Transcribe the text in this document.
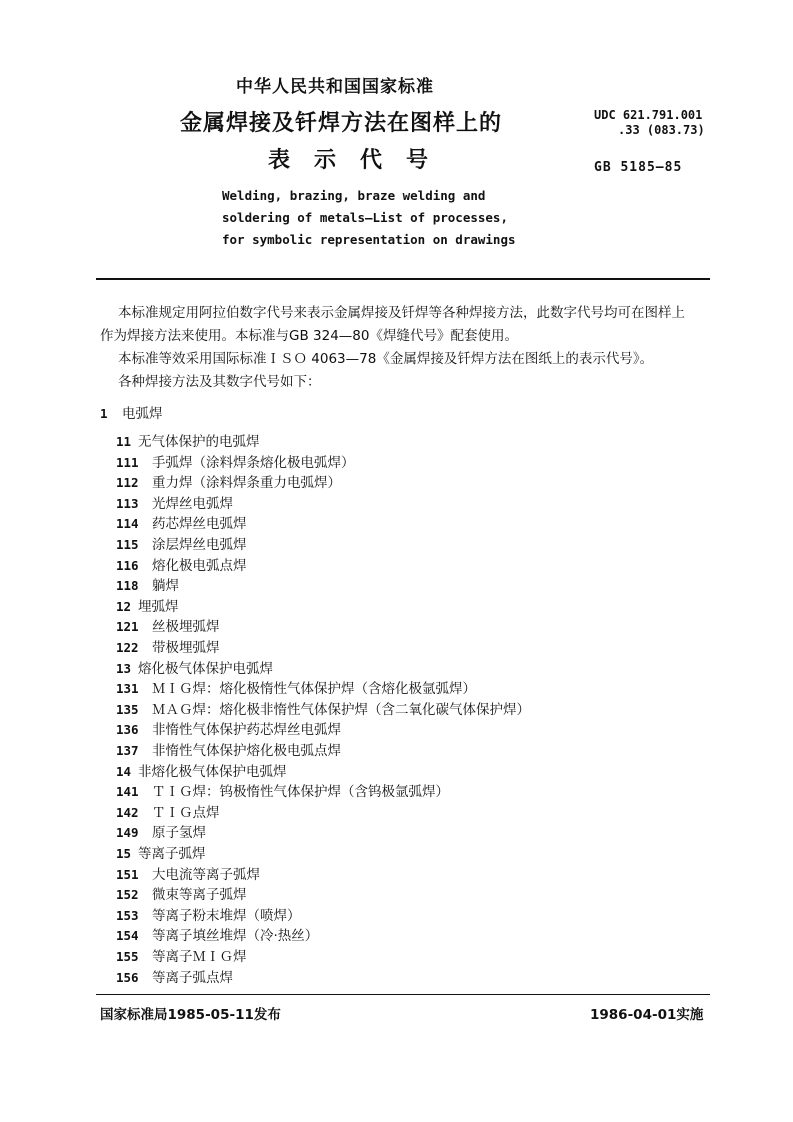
中华人民共和国国家标准
金属焊接及钎焊方法在图样上的
表示代号
UDC 621.791.001
.33 (083.73)
GB 5185—85
Welding, brazing, braze welding and
soldering of metals—List of processes,
for symbolic representation on drawings
本标准规定用阿拉伯数字代号来表示金属焊接及钎焊等各种焊接方法，此数字代号均可在图样上
作为焊接方法来使用。本标准与GB 324—80《焊缝代号》配套使用。
本标准等效采用国际标准ＩＳＯ 4063—78《金属焊接及钎焊方法在图纸上的表示代号》。
各种焊接方法及其数字代号如下：
1 电弧焊
11 无气体保护的电弧焊
111 手弧焊（涂料焊条熔化极电弧焊）
112 重力焊（涂料焊条重力电弧焊）
113 光焊丝电弧焊
114 药芯焊丝电弧焊
115 涂层焊丝电弧焊
116 熔化极电弧点焊
118 躺焊
12 埋弧焊
121 丝极埋弧焊
122 带极埋弧焊
13 熔化极气体保护电弧焊
131 ＭＩＧ焊：熔化极惰性气体保护焊（含熔化极氩弧焊）
135 ＭＡＧ焊：熔化极非惰性气体保护焊（含二氧化碳气体保护焊）
136 非惰性气体保护药芯焊丝电弧焊
137 非惰性气体保护熔化极电弧点焊
14 非熔化极气体保护电弧焊
141 ＴＩＧ焊：钨极惰性气体保护焊（含钨极氩弧焊）
142 ＴＩＧ点焊
149 原子氢焊
15 等离子弧焊
151 大电流等离子弧焊
152 微束等离子弧焊
153 等离子粉末堆焊（喷焊）
154 等离子填丝堆焊（冷·热丝）
155 等离子ＭＩＧ焊
156 等离子弧点焊
国家标准局1985-05-11发布	1986-04-01实施
